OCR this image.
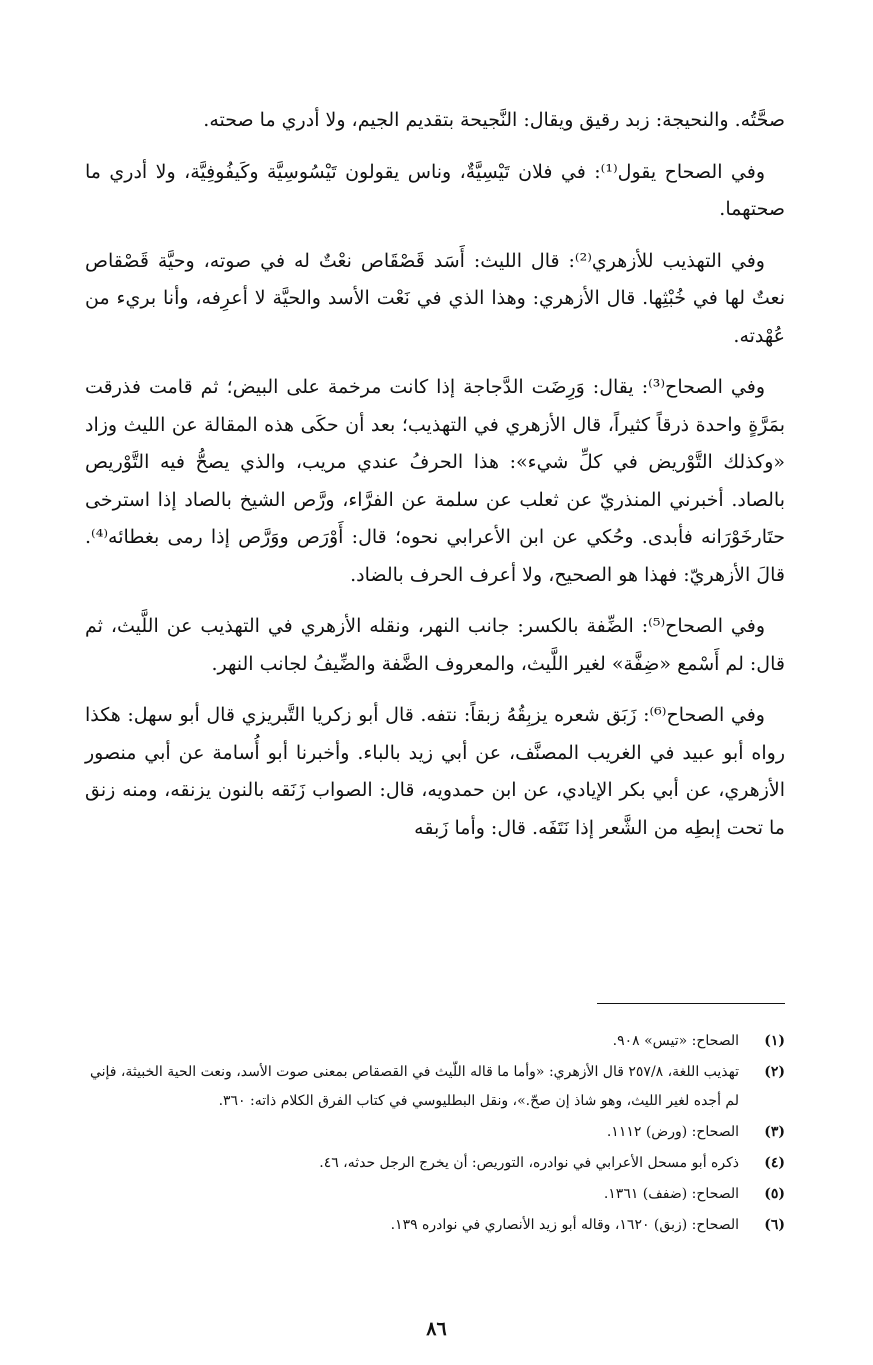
صحَّتُه. والنحيجة: زبد رقيق ويقال: النَّجيحة بتقديم الجيم، ولا أدري ما صحته.

وفي الصحاح يقول⁽¹⁾: في فلان تَيْسِيَّةٌ، وناس يقولون تَيْسُوسِيَّة وكَيفُوفِيَّة، ولا أدري ما صحتهما.

وفي التهذيب للأزهري⁽²⁾: قال الليث: أَسَد قَصْقَاص نعْتٌ له في صوته، وحيَّة قَصْقاص نعتٌ لها في خُبْثِها. قال الأزهري: وهذا الذي في نَعْت الأسد والحيَّة لا أعرِفه، وأنا بريء من عُهْدته.

وفي الصحاح⁽³⁾: يقال: وَرِضَت الدَّجاجة إذا كانت مرخمة على البيض؛ ثم قامت فذرقت بمَرَّةٍ واحدة ذرقاً كثيراً، قال الأزهري في التهذيب؛ بعد أن حكَى هذه المقالة عن الليث وزاد «وكذلك التَّوْريض في كلِّ شيء»: هذا الحرفُ عندي مريب، والذي يصحُّ فيه التَّوْريص بالصاد. أخبرني المنذريّ عن ثعلب عن سلمة عن الفرَّاء، ورَّص الشيخ بالصاد إذا استرخى حتَارخَوْرَانه فأبدى. وحُكي عن ابن الأعرابي نحوه؛ قال: أَوْرَص ووَرَّص إذا رمى بغطائه⁽⁴⁾. قالَ الأزهريّ: فهذا هو الصحيح، ولا أعرف الحرف بالضاد.

وفي الصحاح⁽⁵⁾: الضِّفة بالكسر: جانب النهر، ونقله الأزهري في التهذيب عن اللَّيث، ثم قال: لم أَسْمع «ضِفَّة» لغير اللَّيث، والمعروف الضَّفة والضِّيفُ لجانب النهر.

وفي الصحاح⁽⁶⁾: زَبَق شعره يزبِقُهُ زبقاً: نتفه. قال أبو زكريا التَّبريزي قال أبو سهل: هكذا رواه أبو عبيد في الغريب المصنَّف، عن أبي زيد بالباء. وأخبرنا أبو أُسامة عن أبي منصور الأزهري، عن أبي بكر الإيادي، عن ابن حمدويه، قال: الصواب زَنَقه بالنون يزنقه، ومنه زنق ما تحت إبطِه من الشَّعر إذا نَتَفَه. قال: وأما زَبقه

(١)
الصحاح: «تيس» ٩٠٨.
(٢)
تهذيب اللغة، ٢٥٧/٨ قال الأزهري: «وأما ما قاله اللّيث في القصقاص بمعنى صوت الأسد، ونعت الحية الخبيثة، فإني لم أجده لغير الليث، وهو شاذ إن صحّ.»، ونقل البطليوسي في كتاب الفرق الكلام ذاته: ٣٦٠.
(٣)
الصحاح: (ورض) ١١١٢.
(٤)
ذكره أبو مسحل الأعرابي في نوادره، التوريص: أن يخرج الرجل حدثه، ٤٦.
(٥)
الصحاح: (ضفف) ١٣٦١.
(٦)
الصحاح: (زبق) ١٦٢٠، وقاله أبو زيد الأنصاري في نوادره ١٣٩.
٨٦
